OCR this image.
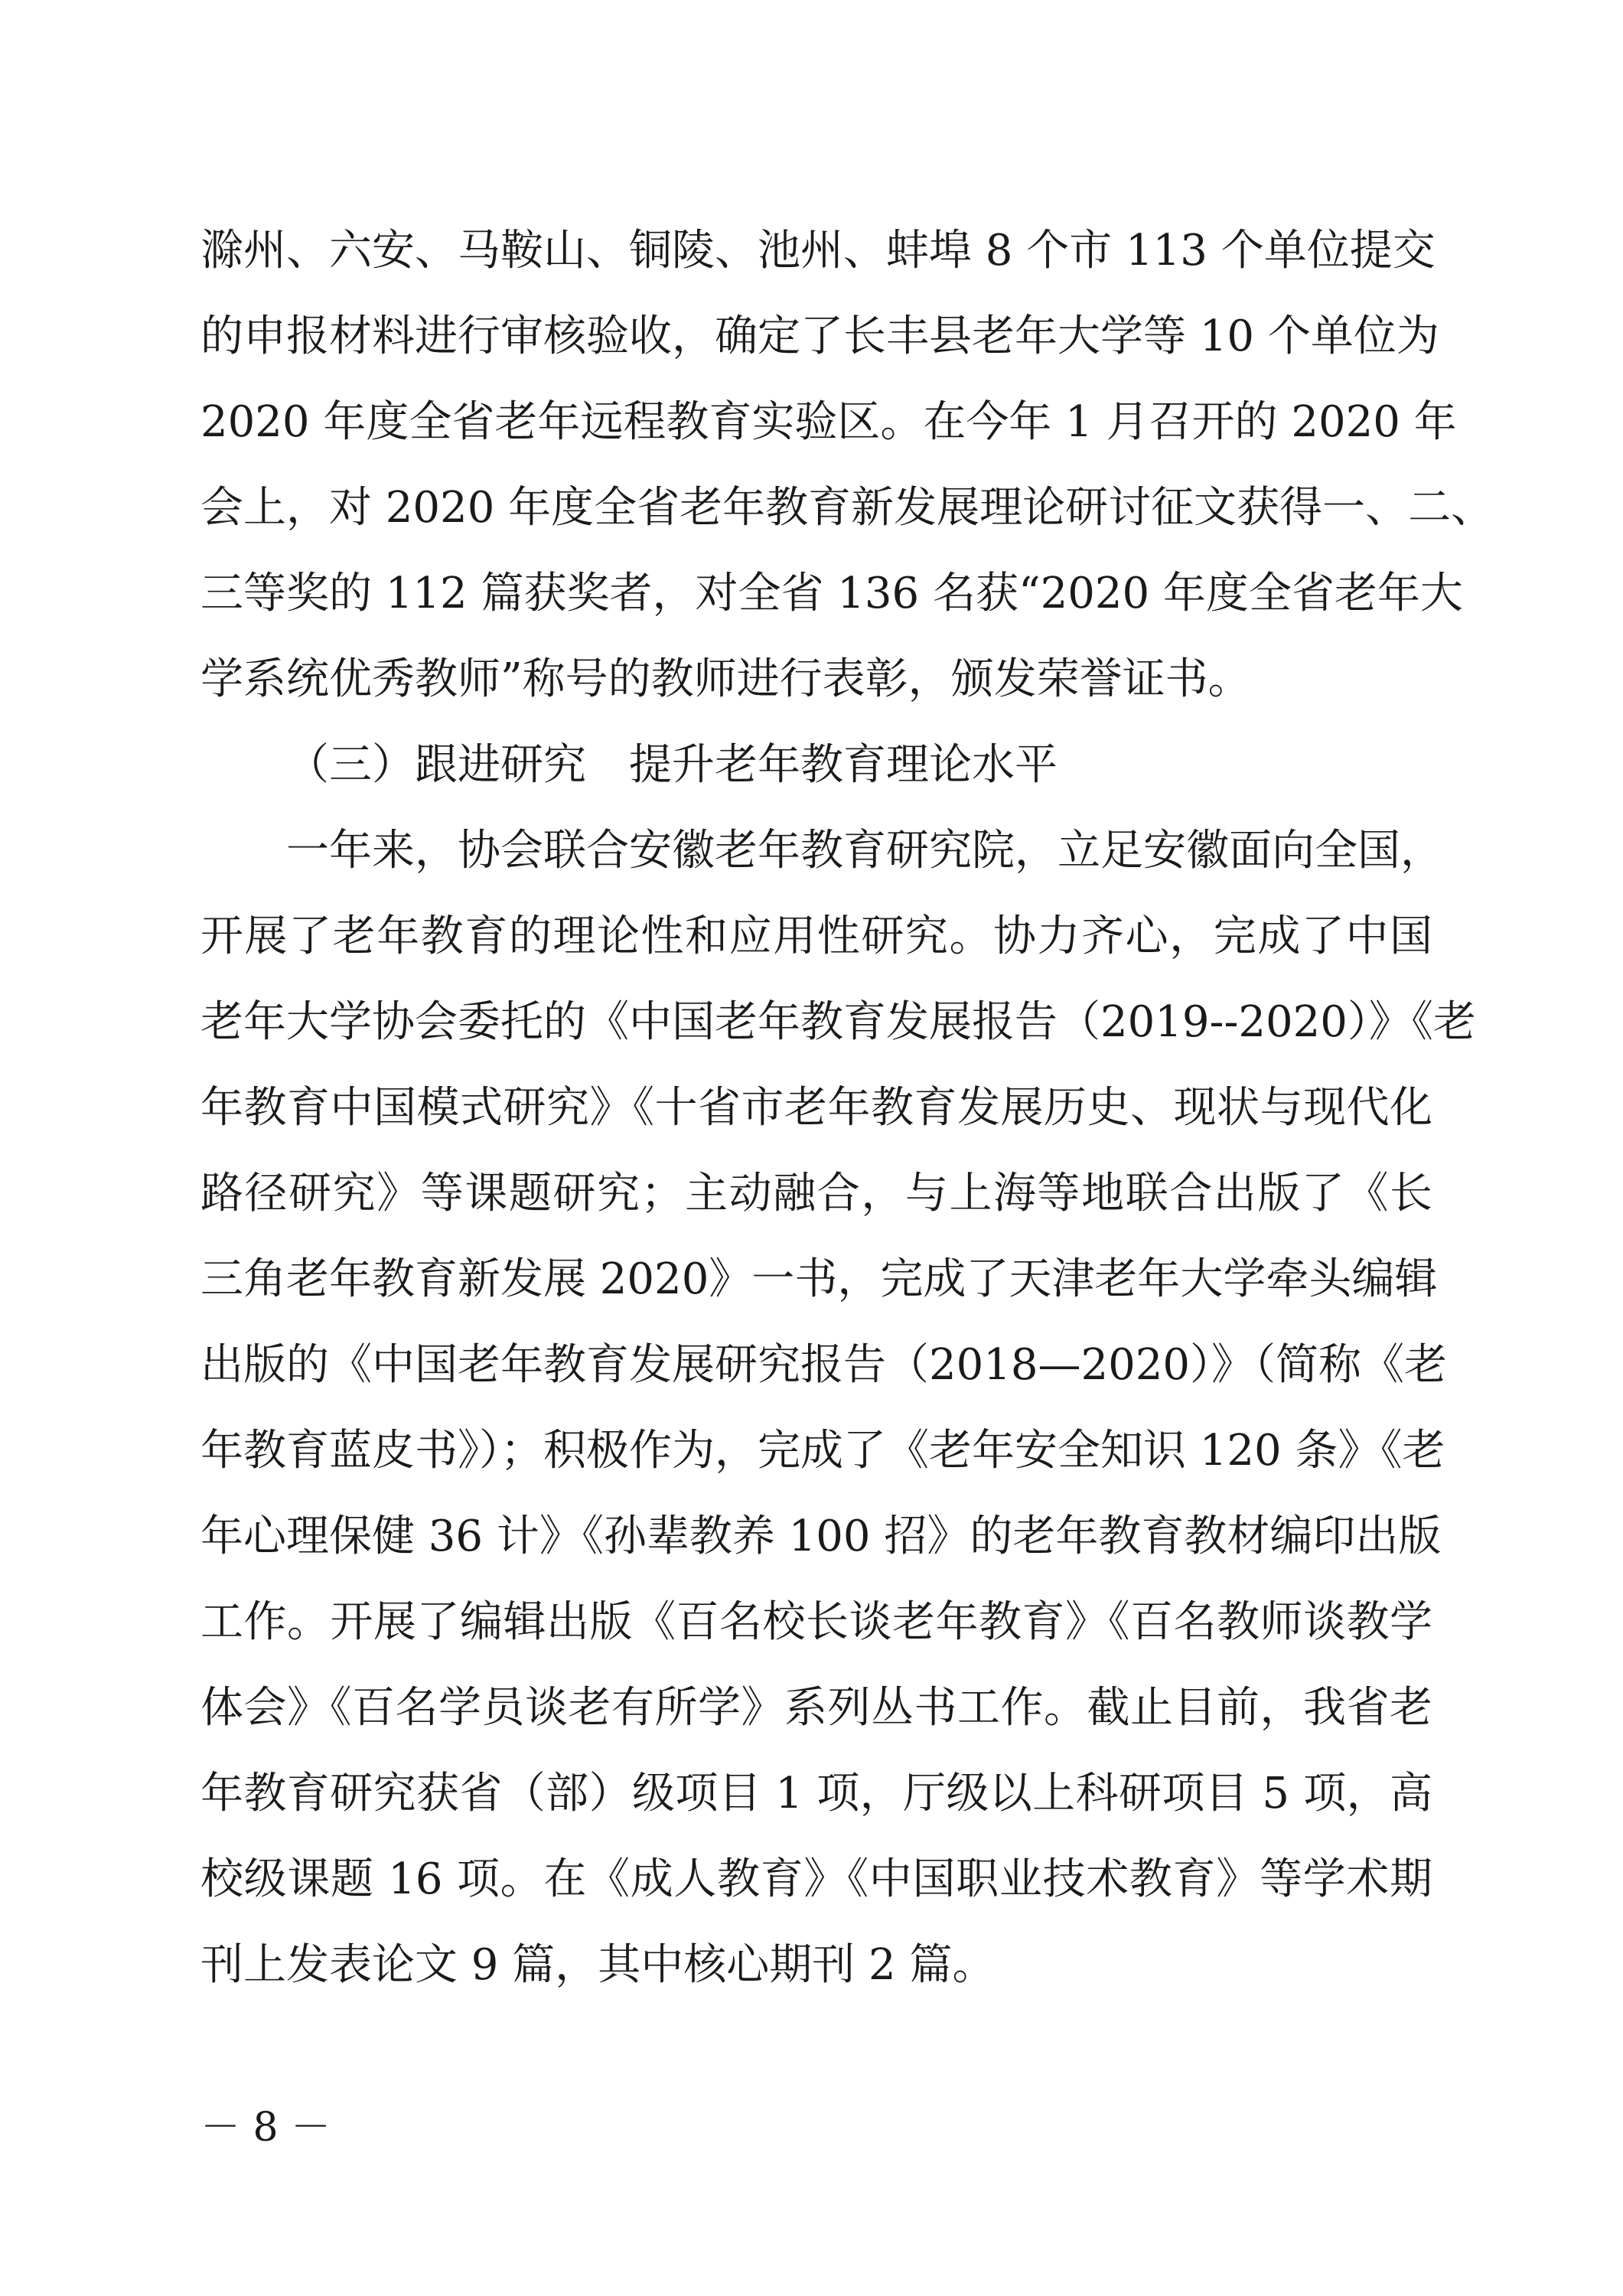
滁州、六安、马鞍山、铜陵、池州、蚌埠 8 个市 113 个单位提交
的申报材料进行审核验收，确定了长丰县老年大学等 10 个单位为
2020 年度全省老年远程教育实验区。在今年 1 月召开的 2020 年
会上，对 2020 年度全省老年教育新发展理论研讨征文获得一、二、
三等奖的 112 篇获奖者，对全省 136 名获“2020 年度全省老年大
学系统优秀教师”称号的教师进行表彰，颁发荣誉证书。
（三）跟进研究　提升老年教育理论水平
一年来，协会联合安徽老年教育研究院，立足安徽面向全国，
开展了老年教育的理论性和应用性研究。协力齐心，完成了中国
老年大学协会委托的《中国老年教育发展报告（2019--2020）》《老
年教育中国模式研究》《十省市老年教育发展历史、现状与现代化
路径研究》等课题研究；主动融合，与上海等地联合出版了《长
三角老年教育新发展 2020》一书，完成了天津老年大学牵头编辑
出版的《中国老年教育发展研究报告（2018—2020）》（简称《老
年教育蓝皮书》）；积极作为，完成了《老年安全知识 120 条》《老
年心理保健 36 计》《孙辈教养 100 招》的老年教育教材编印出版
工作。开展了编辑出版《百名校长谈老年教育》《百名教师谈教学
体会》《百名学员谈老有所学》系列丛书工作。截止目前，我省老
年教育研究获省（部）级项目 1 项，厅级以上科研项目 5 项，高
校级课题 16 项。在《成人教育》《中国职业技术教育》等学术期
刊上发表论文 9 篇，其中核心期刊 2 篇。
－ 8 －
